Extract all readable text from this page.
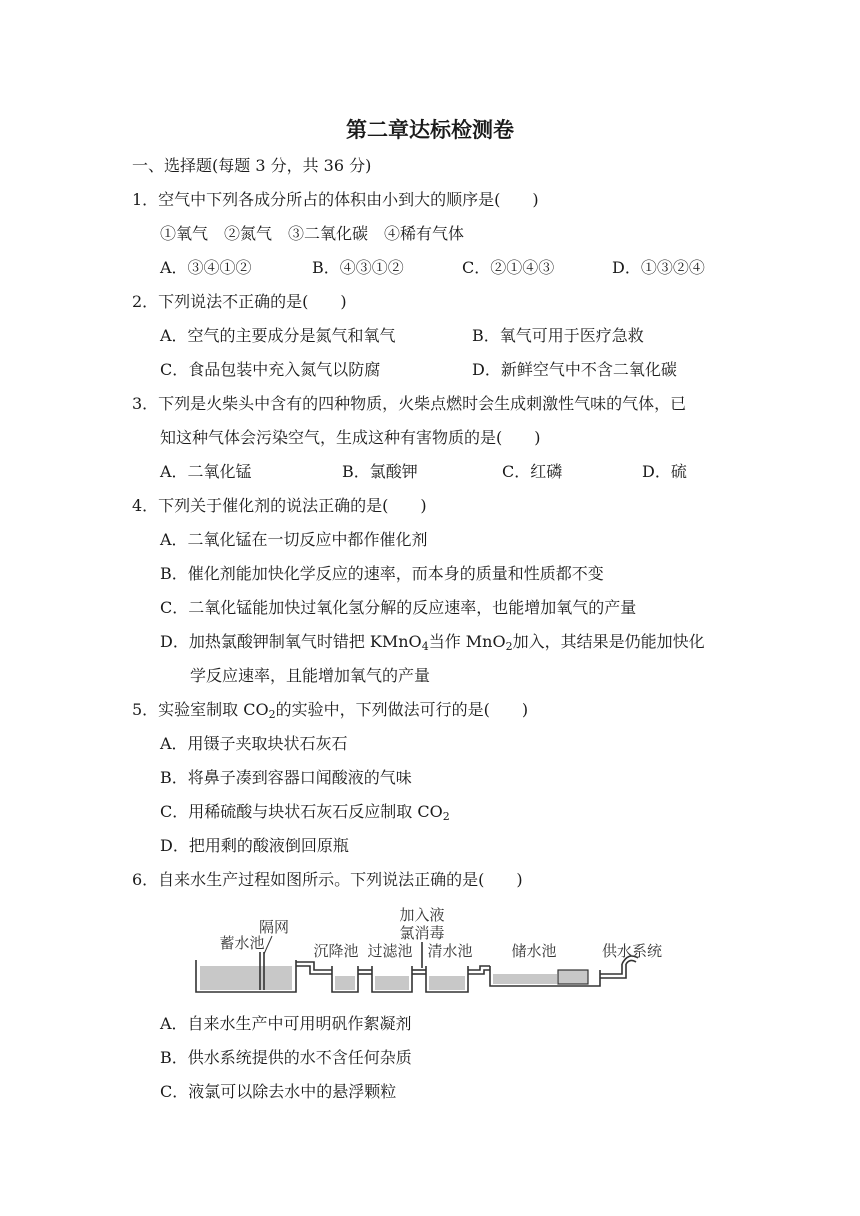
第二章达标检测卷
一、选择题(每题 3 分，共 36 分)
1．空气中下列各成分所占的体积由小到大的顺序是(　　)
①氧气　②氮气　③二氧化碳　④稀有气体
A．③④①②	B．④③①②	C．②①④③	D．①③②④
2．下列说法不正确的是(　　)
A．空气的主要成分是氮气和氧气	B．氧气可用于医疗急救
C．食品包装中充入氮气以防腐	D．新鲜空气中不含二氧化碳
3．下列是火柴头中含有的四种物质，火柴点燃时会生成刺激性气味的气体，已
知这种气体会污染空气，生成这种有害物质的是(　　)
A．二氧化锰	B．氯酸钾	C．红磷	D．硫
4．下列关于催化剂的说法正确的是(　　)
A．二氧化锰在一切反应中都作催化剂
B．催化剂能加快化学反应的速率，而本身的质量和性质都不变
C．二氧化锰能加快过氧化氢分解的反应速率，也能增加氧气的产量
D．加热氯酸钾制氧气时错把 KMnO$_4$当作 MnO$_2$加入，其结果是仍能加快化
学反应速率，且能增加氧气的产量
5．实验室制取 $CO_2$的实验中，下列做法可行的是(　　)
A．用镊子夹取块状石灰石
B．将鼻子凑到容器口闻酸液的气味
C．用稀硫酸与块状石灰石反应制取 $CO_2$
D．把用剩的酸液倒回原瓶
6．自来水生产过程如图所示。下列说法正确的是(　　)
蓄水池
隔网
沉降池 过滤池
加入液
氯消毒
清水池	储水池	供水系统
A．自来水生产中可用明矾作絮凝剂
B．供水系统提供的水不含任何杂质
C．液氯可以除去水中的悬浮颗粒
